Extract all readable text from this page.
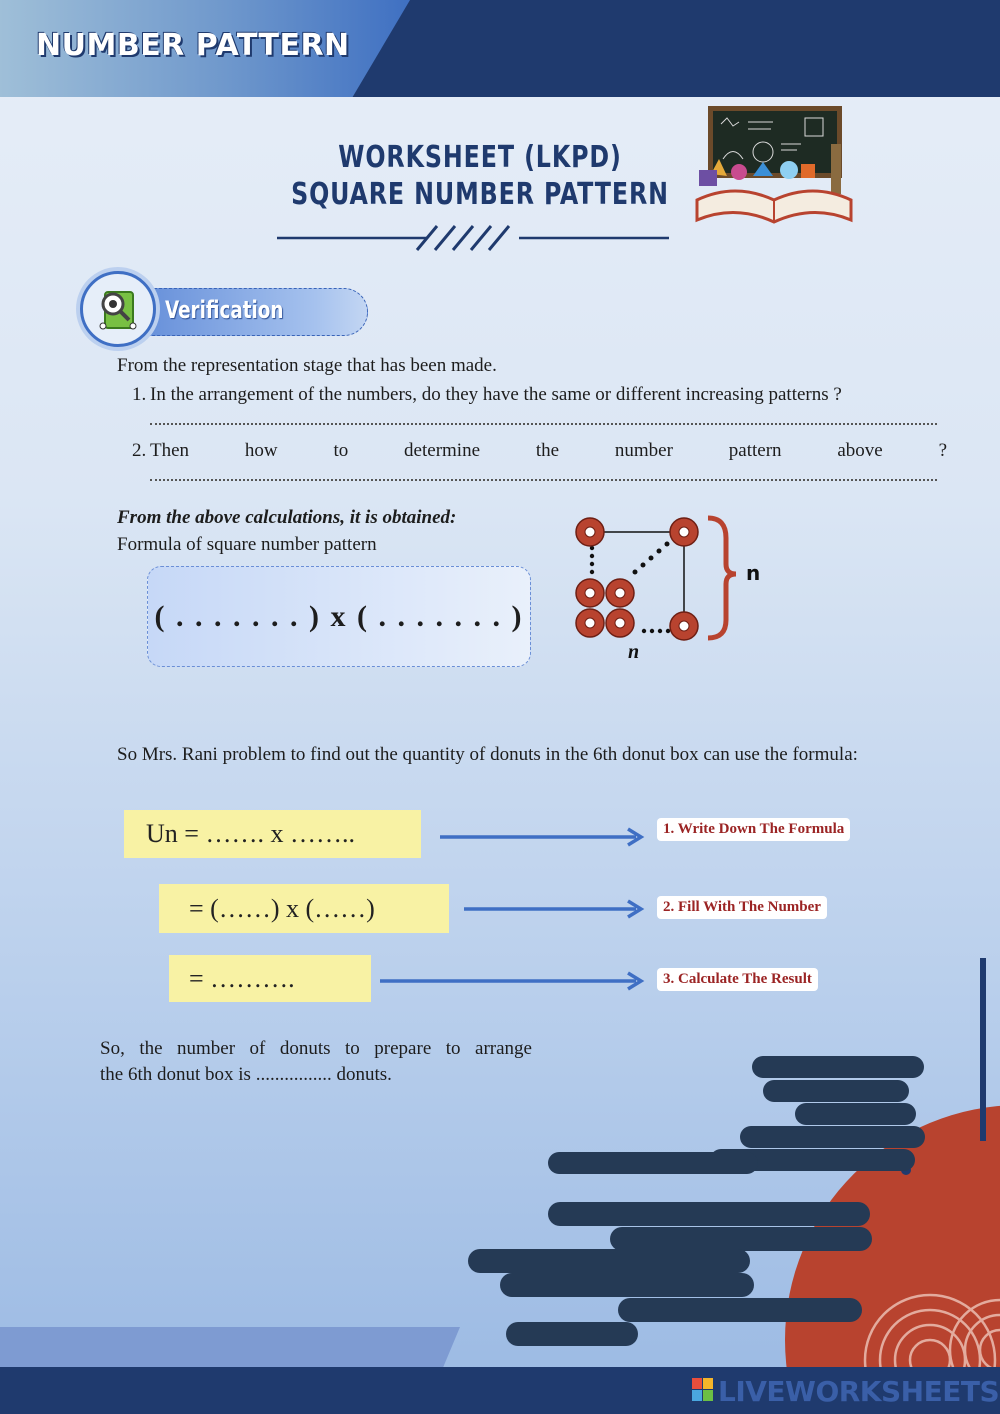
NUMBER PATTERN
WORKSHEET (LKPD)
SQUARE NUMBER PATTERN
Verification
From the representation stage that has been made.
1. In the arrangement of the numbers, do they have the same or different increasing patterns ?
2. Then	how	to	determine	the	number	pattern	above	?
From the above calculations, it is obtained:
Formula of square number pattern
( . . . . . . . ) x ( . . . . . . . )
n
n
So Mrs. Rani problem to find out the quantity of donuts in the 6th donut box can use the formula:
Un = ……. x ……..
= (……) x (……)
= ……….
1. Write Down The Formula
2. Fill With The Number
3. Calculate The Result
So, the number of donuts to prepare to arrange
the 6th donut box is ................ donuts.
LIVEWORKSHEETS
